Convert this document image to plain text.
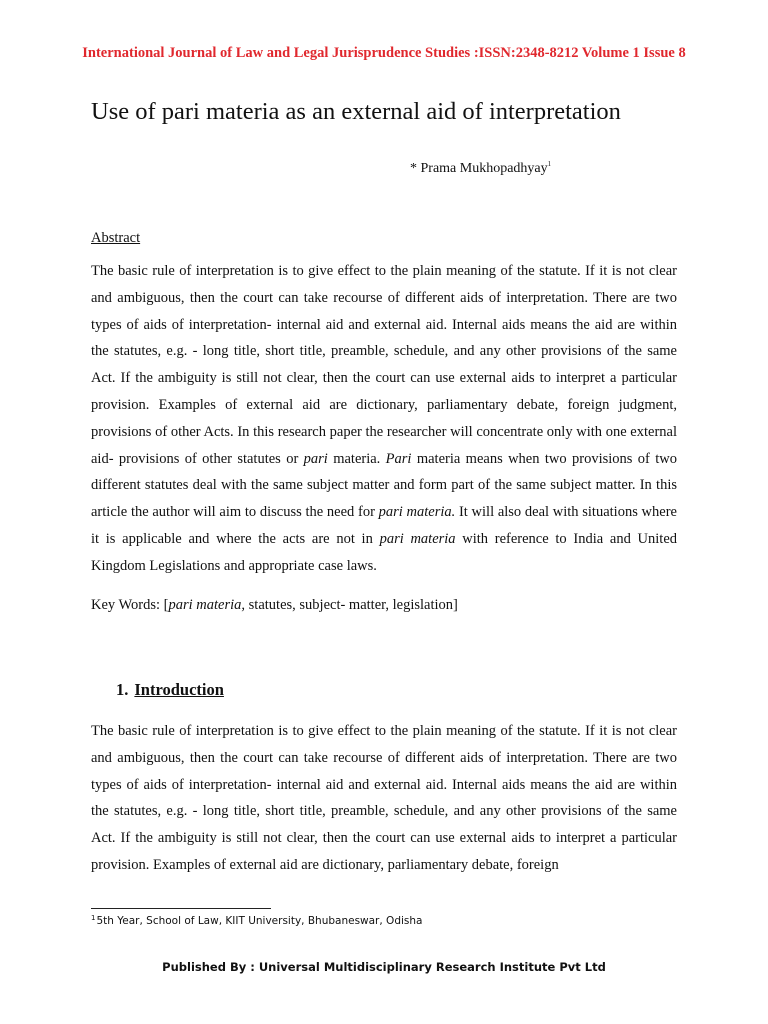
International Journal of Law and Legal Jurisprudence Studies :ISSN:2348-8212 Volume 1 Issue 8
Use of pari materia as an external aid of interpretation
* Prama Mukhopadhyay$^1$
Abstract
The basic rule of interpretation is to give effect to the plain meaning of the statute. If it is not clear and ambiguous, then the court can take recourse of different aids of interpretation. There are two types of aids of interpretation- internal aid and external aid. Internal aids means the aid are within the statutes, e.g. - long title, short title, preamble, schedule, and any other provisions of the same Act. If the ambiguity is still not clear, then the court can use external aids to interpret a particular provision. Examples of external aid are dictionary, parliamentary debate, foreign judgment, provisions of other Acts. In this research paper the researcher will concentrate only with one external aid- provisions of other statutes or pari materia. Pari materia means when two provisions of two different statutes deal with the same subject matter and form part of the same subject matter. In this article the author will aim to discuss the need for pari materia. It will also deal with situations where it is applicable and where the acts are not in pari materia with reference to India and United Kingdom Legislations and appropriate case laws.
Key Words: [pari materia, statutes, subject- matter, legislation]
1. Introduction
The basic rule of interpretation is to give effect to the plain meaning of the statute. If it is not clear and ambiguous, then the court can take recourse of different aids of interpretation. There are two types of aids of interpretation- internal aid and external aid. Internal aids means the aid are within the statutes, e.g. - long title, short title, preamble, schedule, and any other provisions of the same Act. If the ambiguity is still not clear, then the court can use external aids to interpret a particular provision. Examples of external aid are dictionary, parliamentary debate, foreign
$^1$5th Year, School of Law, KIIT University, Bhubaneswar, Odisha
Published By : Universal Multidisciplinary Research Institute Pvt Ltd
